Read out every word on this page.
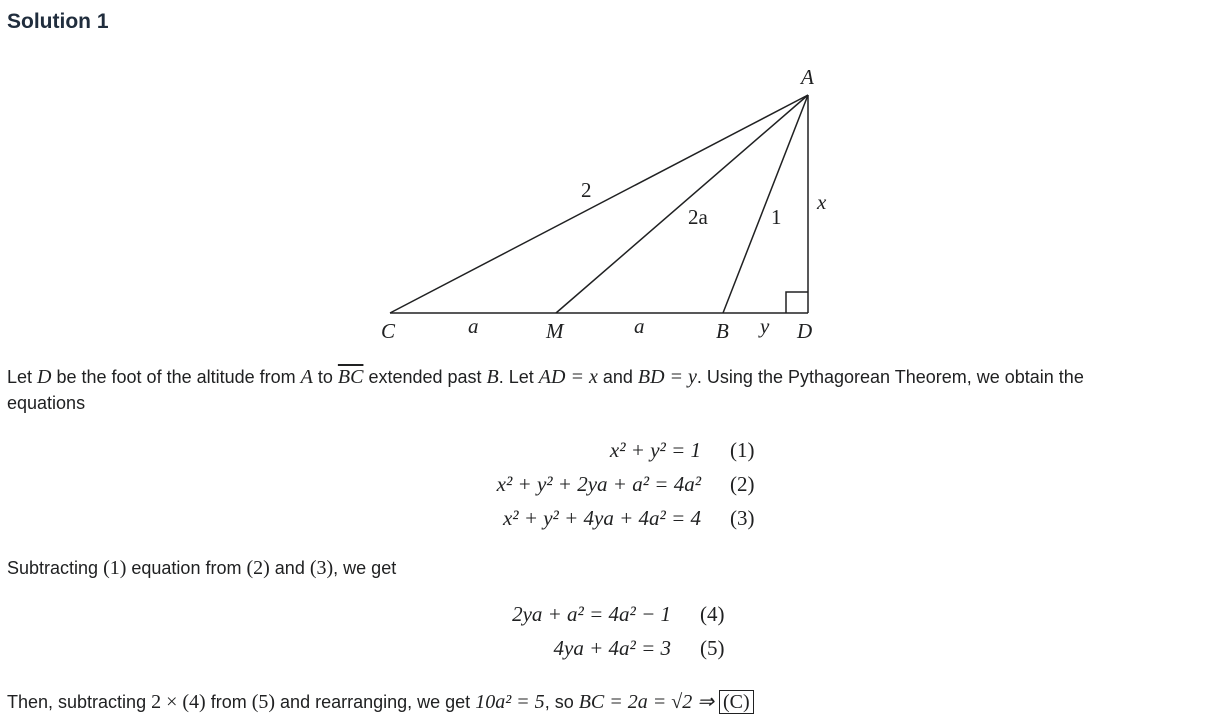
Solution 1
A
C	M	B	D
a	a	y
2
2a	1
x
Let D be the foot of the altitude from A to $\overline{BC}$ extended past B. Let AD = x and BD = y. Using the Pythagorean Theorem, we obtain the
equations
x² + y² = 1 (1)
x² + y² + 2ya + a² = 4a² (2)
x² + y² + 4ya + 4a² = 4 (3)
Subtracting (1) equation from (2) and (3), we get
2ya + a² = 4a² − 1 (4)
4ya + 4a² = 3 (5)
Then, subtracting 2 × (4) from (5) and rearranging, we get 10a² = 5, so BC = 2a = √2 ⇒ (C)
